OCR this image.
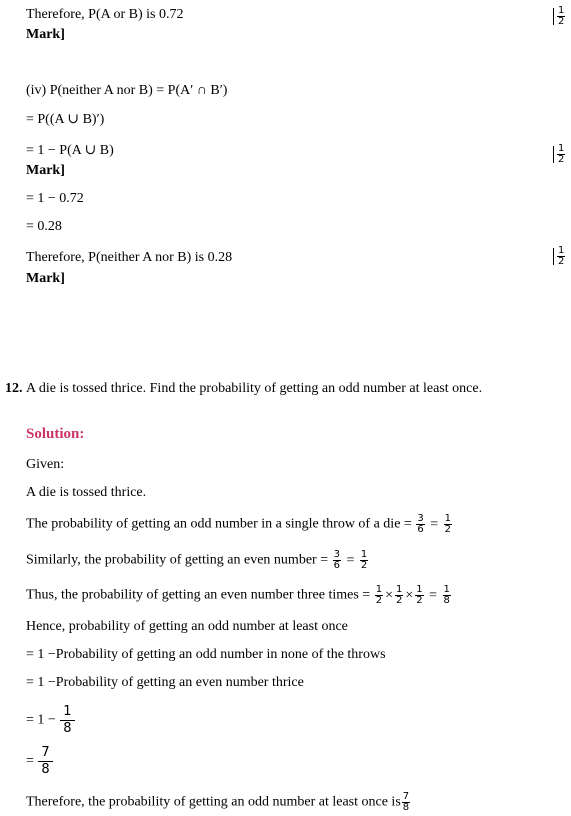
Therefore, P(A or B) is 0.72
Mark]
$\frac{1}{2}$
(iv) P(neither A nor B) = P(A′ ∩ B′)
= P((A ∪ B)′)
= 1 − P(A ∪ B)	$\frac{1}{2}$
Mark]
= 1 − 0.72
= 0.28
Therefore, P(neither A nor B) is 0.28	$\frac{1}{2}$
Mark]
12. A die is tossed thrice. Find the probability of getting an odd number at least once.
Solution:
Given:
A die is tossed thrice.
The probability of getting an odd number in a single throw of a die = $\frac{3}{6} = \frac{1}{2}$
Similarly, the probability of getting an even number = $\frac{3}{6} = \frac{1}{2}$
Thus, the probability of getting an even number three times = $\frac{1}{2} \times \frac{1}{2} \times \frac{1}{2} = \frac{1}{8}$
Hence, probability of getting an odd number at least once
= 1 −Probability of getting an odd number in none of the throws
= 1 −Probability of getting an even number thrice
= $1 - \frac{1}{8}$
= $\frac{7}{8}$
Therefore, the probability of getting an odd number at least once is $\frac{7}{8}$
